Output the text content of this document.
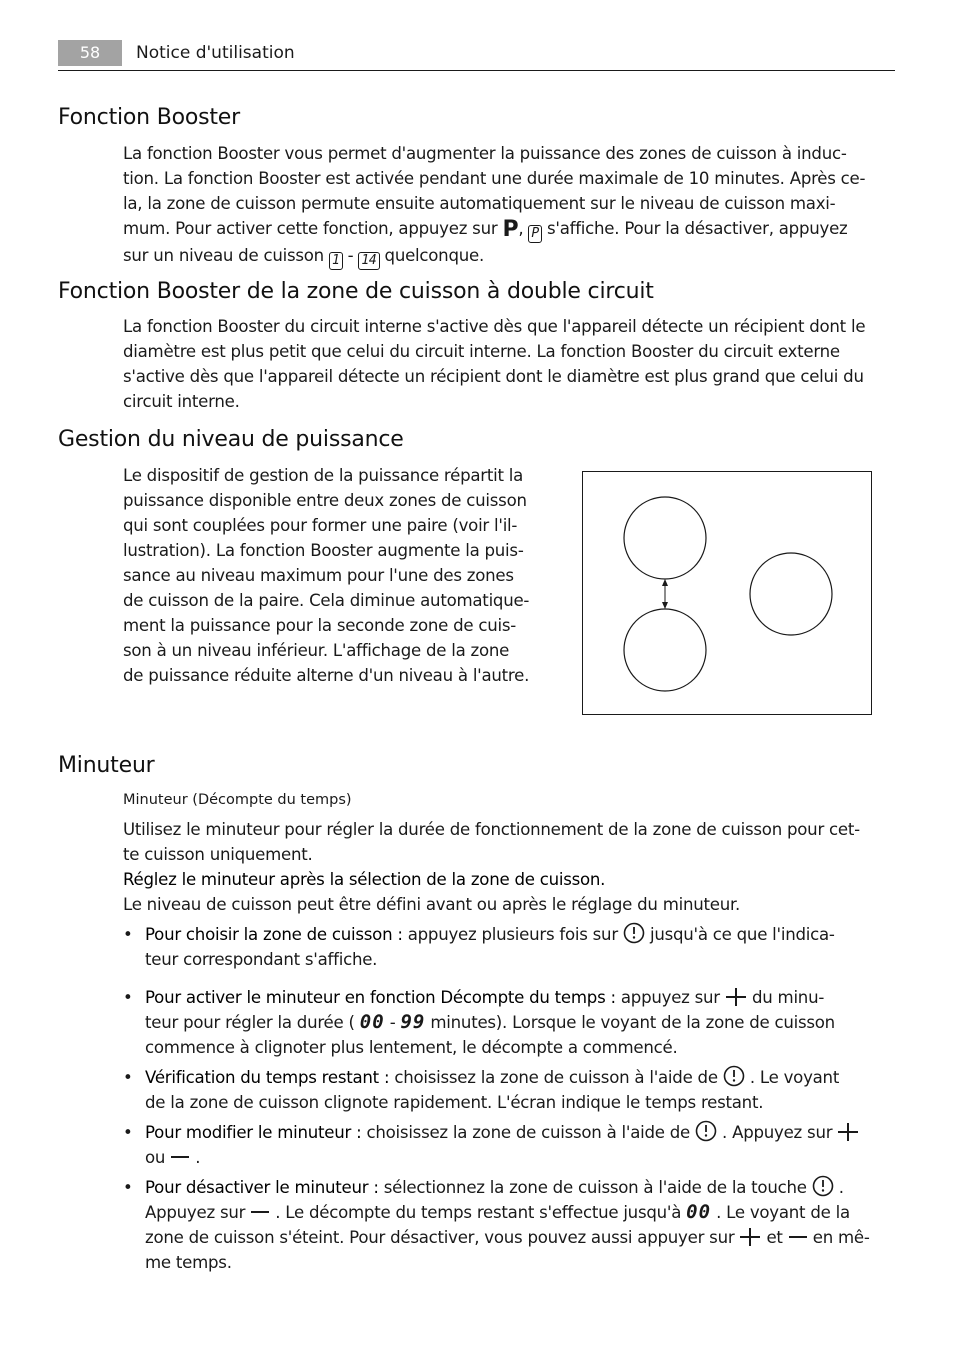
58	Notice d'utilisation
Fonction Booster
La fonction Booster vous permet d'augmenter la puissance des zones de cuisson à induc-
tion. La fonction Booster est activée pendant une durée maximale de 10 minutes. Après ce-
la, la zone de cuisson permute ensuite automatiquement sur le niveau de cuisson maxi-
mum. Pour activer cette fonction, appuyez sur P, P s'affiche. Pour la désactiver, appuyez
sur un niveau de cuisson 1 - 14 quelconque.
Fonction Booster de la zone de cuisson à double circuit
La fonction Booster du circuit interne s'active dès que l'appareil détecte un récipient dont le
diamètre est plus petit que celui du circuit interne. La fonction Booster du circuit externe
s'active dès que l'appareil détecte un récipient dont le diamètre est plus grand que celui du
circuit interne.
Gestion du niveau de puissance
Le dispositif de gestion de la puissance répartit la
puissance disponible entre deux zones de cuisson
qui sont couplées pour former une paire (voir l'il-
lustration). La fonction Booster augmente la puis-
sance au niveau maximum pour l'une des zones
de cuisson de la paire. Cela diminue automatique-
ment la puissance pour la seconde zone de cuis-
son à un niveau inférieur. L'affichage de la zone
de puissance réduite alterne d'un niveau à l'autre.
Minuteur
Minuteur (Décompte du temps)
Utilisez le minuteur pour régler la durée de fonctionnement de la zone de cuisson pour cet-
te cuisson uniquement.
Réglez le minuteur après la sélection de la zone de cuisson.
Le niveau de cuisson peut être défini avant ou après le réglage du minuteur.
• Pour choisir la zone de cuisson : appuyez plusieurs fois sur jusqu'à ce que l'indica-
teur correspondant s'affiche.
• Pour activer le minuteur en fonction Décompte du temps : appuyez sur du minu-
teur pour régler la durée ( 00 - 99 minutes). Lorsque le voyant de la zone de cuisson
commence à clignoter plus lentement, le décompte a commencé.
• Vérification du temps restant : choisissez la zone de cuisson à l'aide de . Le voyant
de la zone de cuisson clignote rapidement. L'écran indique le temps restant.
• Pour modifier le minuteur : choisissez la zone de cuisson à l'aide de . Appuyez sur
ou .
• Pour désactiver le minuteur : sélectionnez la zone de cuisson à l'aide de la touche .
Appuyez sur . Le décompte du temps restant s'effectue jusqu'à 00 . Le voyant de la
zone de cuisson s'éteint. Pour désactiver, vous pouvez aussi appuyer sur et en mê-
me temps.
